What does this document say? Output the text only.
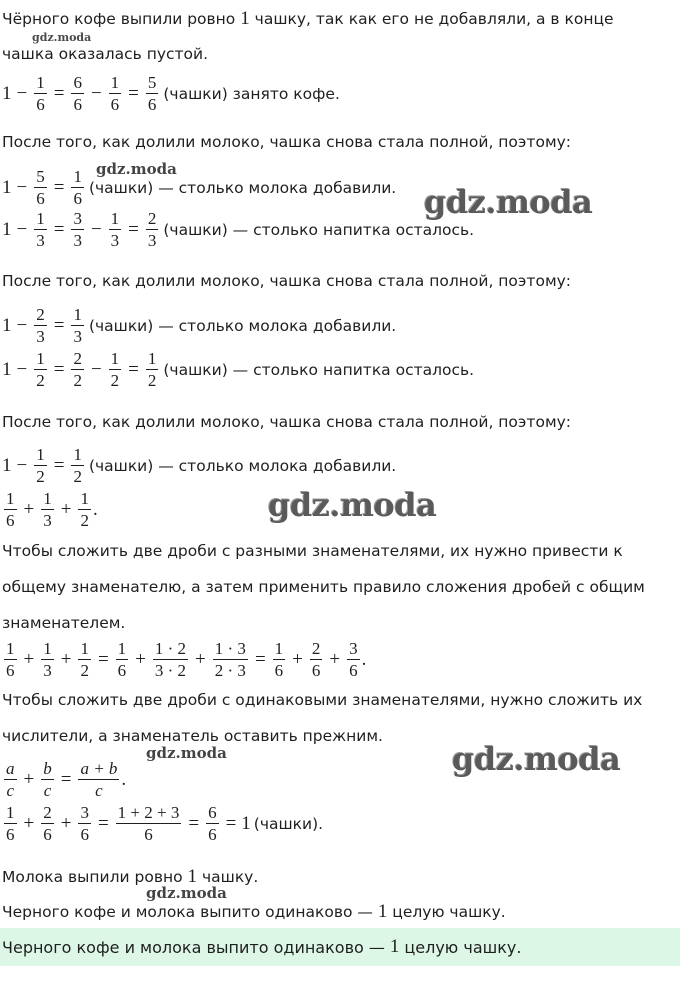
Чёрного кофе выпили ровно 1 чашку, так как его не добавляли, а в конце
gdz.moda
чашка оказалась пустой.
$1 - \frac{1}{6} = \frac{6}{6} - \frac{1}{6} = \frac{5}{6}$ (чашки) занято кофе.
После того, как долили молоко, чашка снова стала полной, поэтому:
gdz.moda
$1 - \frac{5}{6} = \frac{1}{6}$ (чашки) — столько молока добавили. gdz.moda
$1 - \frac{1}{3} = \frac{3}{3} - \frac{1}{3} = \frac{2}{3}$ (чашки) — столько напитка осталось.
После того, как долили молоко, чашка снова стала полной, поэтому:
$1 - \frac{2}{3} = \frac{1}{3}$ (чашки) — столько молока добавили.
$1 - \frac{1}{2} = \frac{2}{2} - \frac{1}{2} = \frac{1}{2}$ (чашки) — столько напитка осталось.
После того, как долили молоко, чашка снова стала полной, поэтому:
$1 - \frac{1}{2} = \frac{1}{2}$ (чашки) — столько молока добавили.
1
6
+ $\frac{1}{3} + \frac{1}{2}$ .	gdz.moda
Чтобы сложить две дроби с разными знаменателями, их нужно привести к
общему знаменателю, а затем применить правило сложения дробей с общим
знаменателем.
1
6
+ $\frac{1}{3} + \frac{1}{2} = \frac{1}{6} + \frac{1 \cdot 2}{3 \cdot 2} + \frac{1 \cdot 3}{2 \cdot 3} = \frac{1}{6} + \frac{2}{6} + \frac{3}{6}$ .
Чтобы сложить две дроби с одинаковыми знаменателями, нужно сложить их
числители, а знаменатель оставить прежним.
gdz.moda	gdz.moda
a
c
+ $\frac{b}{c} = \frac{a + b}{c}$ .
1
6
+ $\frac{2}{6} + \frac{3}{6} = \frac{1 + 2 + 3}{6} = \frac{6}{6} = 1$ (чашки).
Молока выпили ровно 1 чашку.
gdz.moda
Черного кофе и молока выпито одинаково — 1 целую чашку.
Черного кофе и молока выпито одинаково — 1 целую чашку.
